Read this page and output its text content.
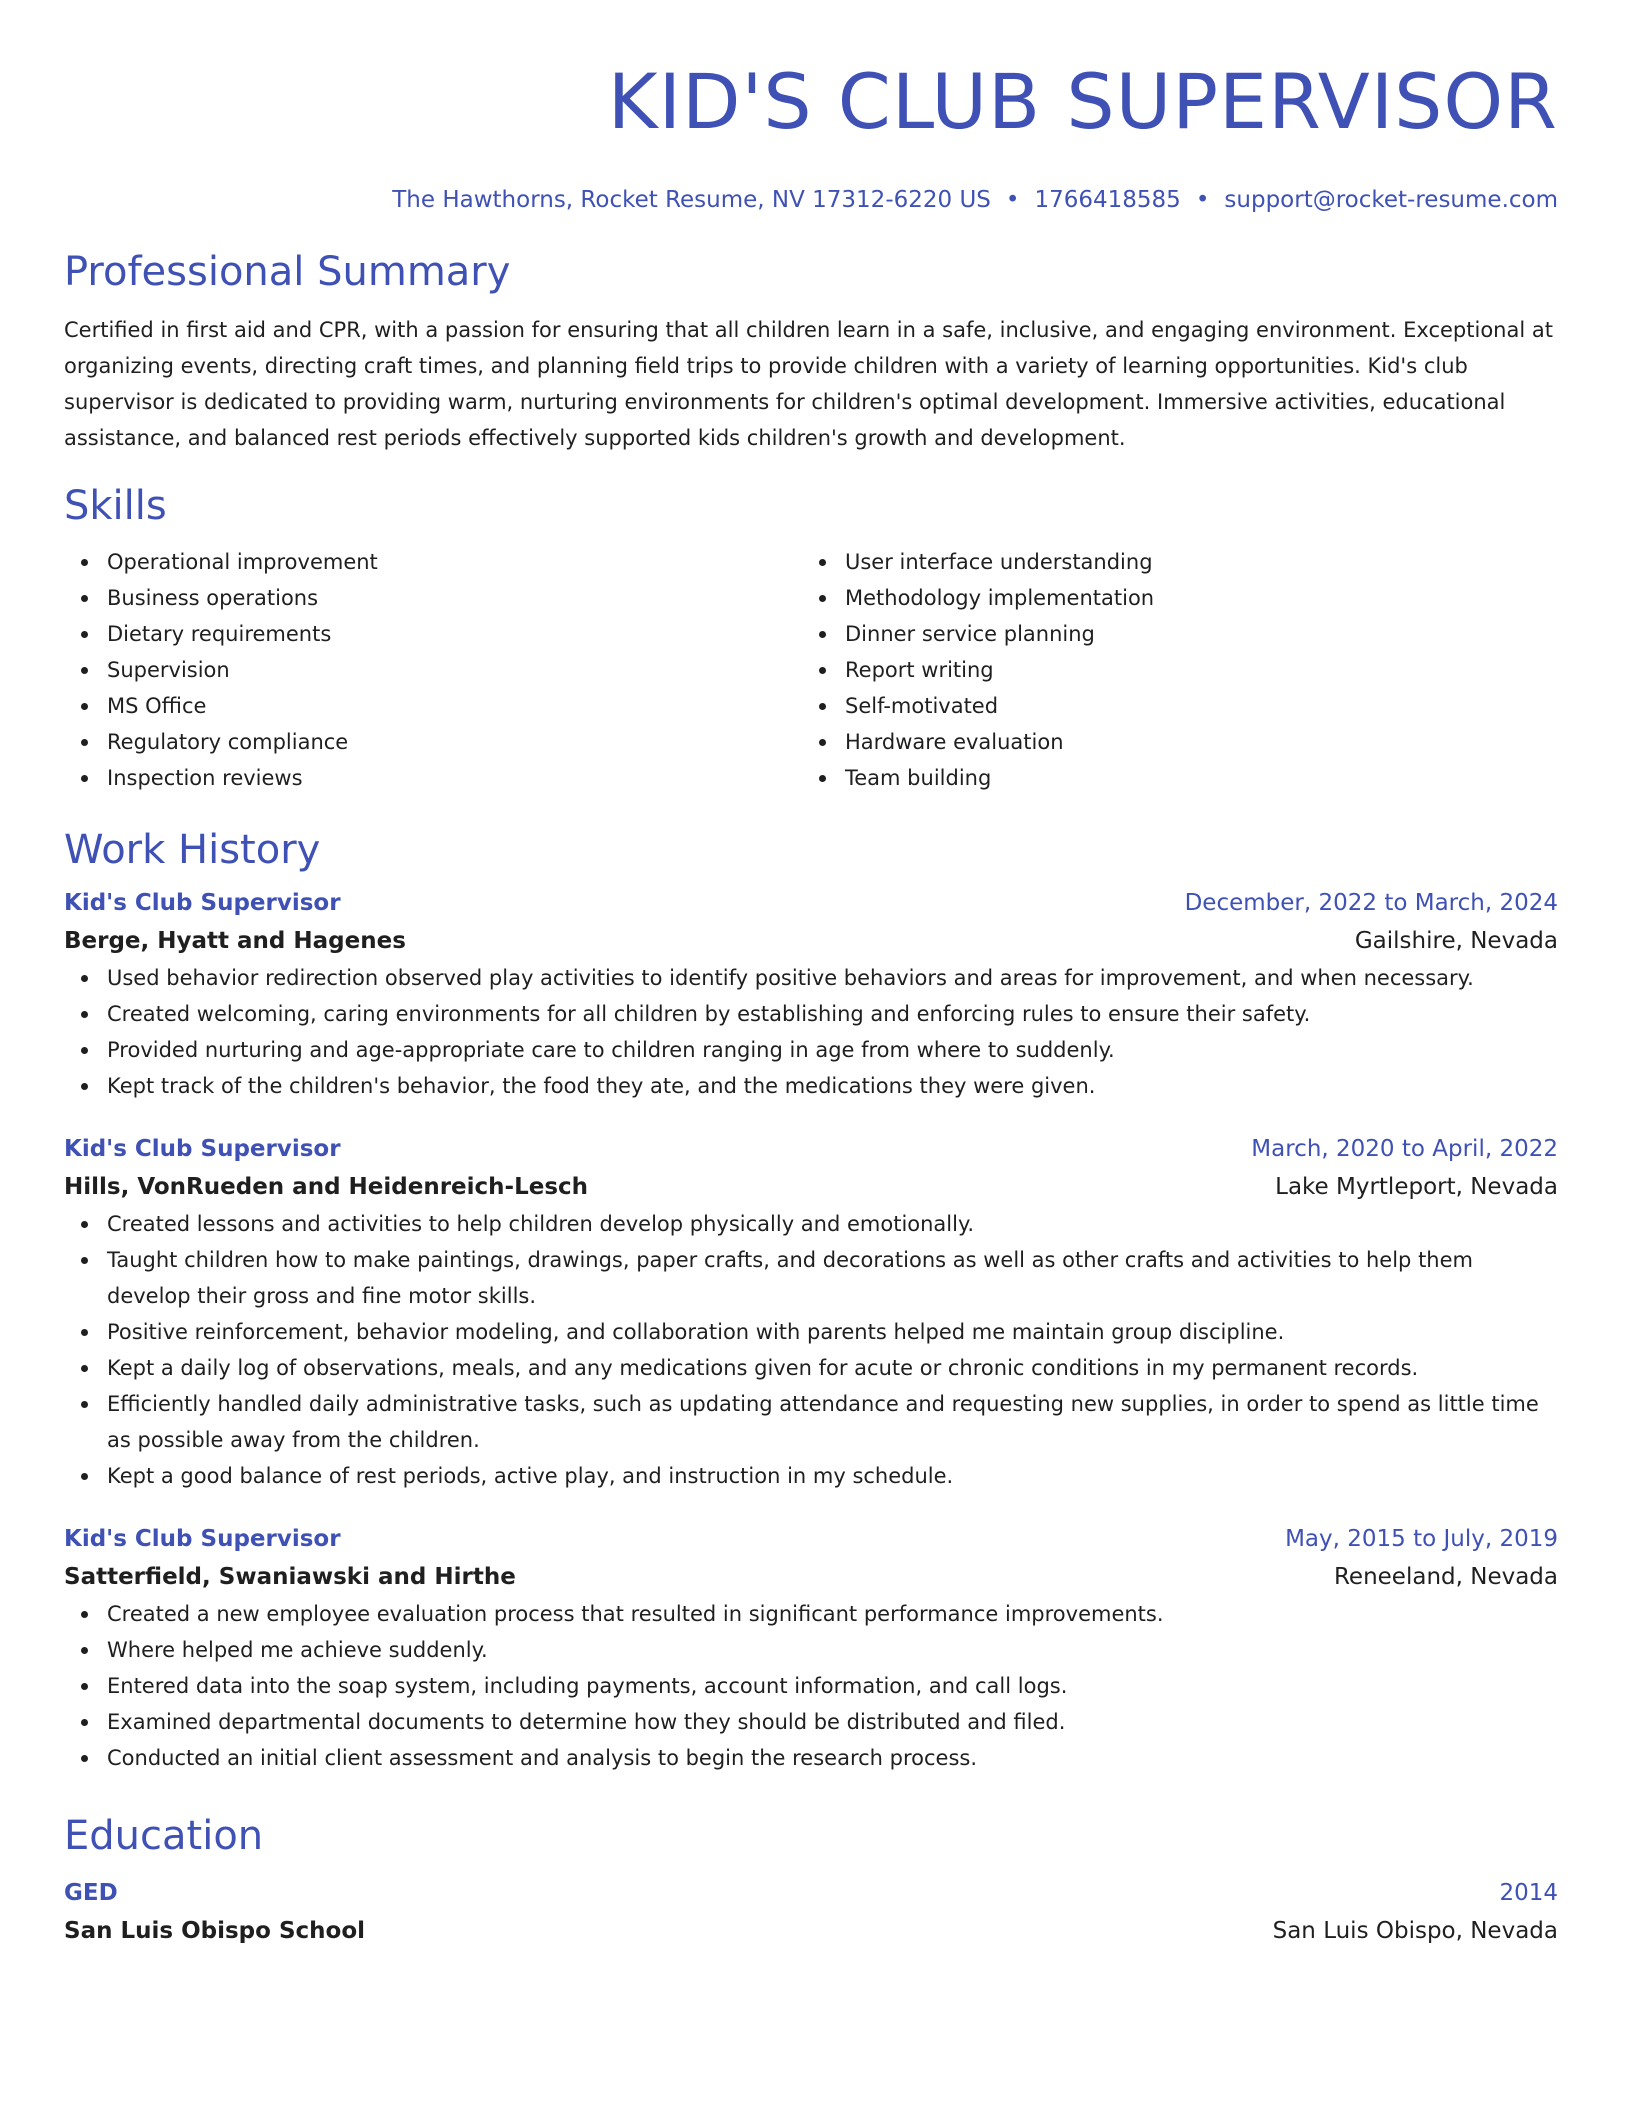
KID'S CLUB SUPERVISOR
The Hawthorns, Rocket Resume, NV 17312-6220 US • 1766418585 • support@rocket-resume.com
Professional Summary
Certified in first aid and CPR, with a passion for ensuring that all children learn in a safe, inclusive, and engaging environment. Exceptional at organizing events, directing craft times, and planning field trips to provide children with a variety of learning opportunities. Kid's club supervisor is dedicated to providing warm, nurturing environments for children's optimal development. Immersive activities, educational assistance, and balanced rest periods effectively supported kids children's growth and development.
Skills
Operational improvement
Business operations
Dietary requirements
Supervision
MS Office
Regulatory compliance
Inspection reviews
User interface understanding
Methodology implementation
Dinner service planning
Report writing
Self-motivated
Hardware evaluation
Team building
Work History
Kid's Club Supervisor	December, 2022 to March, 2024
Berge, Hyatt and Hagenes	Gailshire, Nevada
Used behavior redirection observed play activities to identify positive behaviors and areas for improvement, and when necessary.
Created welcoming, caring environments for all children by establishing and enforcing rules to ensure their safety.
Provided nurturing and age-appropriate care to children ranging in age from where to suddenly.
Kept track of the children's behavior, the food they ate, and the medications they were given.
Kid's Club Supervisor	March, 2020 to April, 2022
Hills, VonRueden and Heidenreich-Lesch	Lake Myrtleport, Nevada
Created lessons and activities to help children develop physically and emotionally.
Taught children how to make paintings, drawings, paper crafts, and decorations as well as other crafts and activities to help them develop their gross and fine motor skills.
Positive reinforcement, behavior modeling, and collaboration with parents helped me maintain group discipline.
Kept a daily log of observations, meals, and any medications given for acute or chronic conditions in my permanent records.
Efficiently handled daily administrative tasks, such as updating attendance and requesting new supplies, in order to spend as little time as possible away from the children.
Kept a good balance of rest periods, active play, and instruction in my schedule.
Kid's Club Supervisor	May, 2015 to July, 2019
Satterfield, Swaniawski and Hirthe	Reneeland, Nevada
Created a new employee evaluation process that resulted in significant performance improvements.
Where helped me achieve suddenly.
Entered data into the soap system, including payments, account information, and call logs.
Examined departmental documents to determine how they should be distributed and filed.
Conducted an initial client assessment and analysis to begin the research process.
Education
GED	2014
San Luis Obispo School	San Luis Obispo, Nevada
